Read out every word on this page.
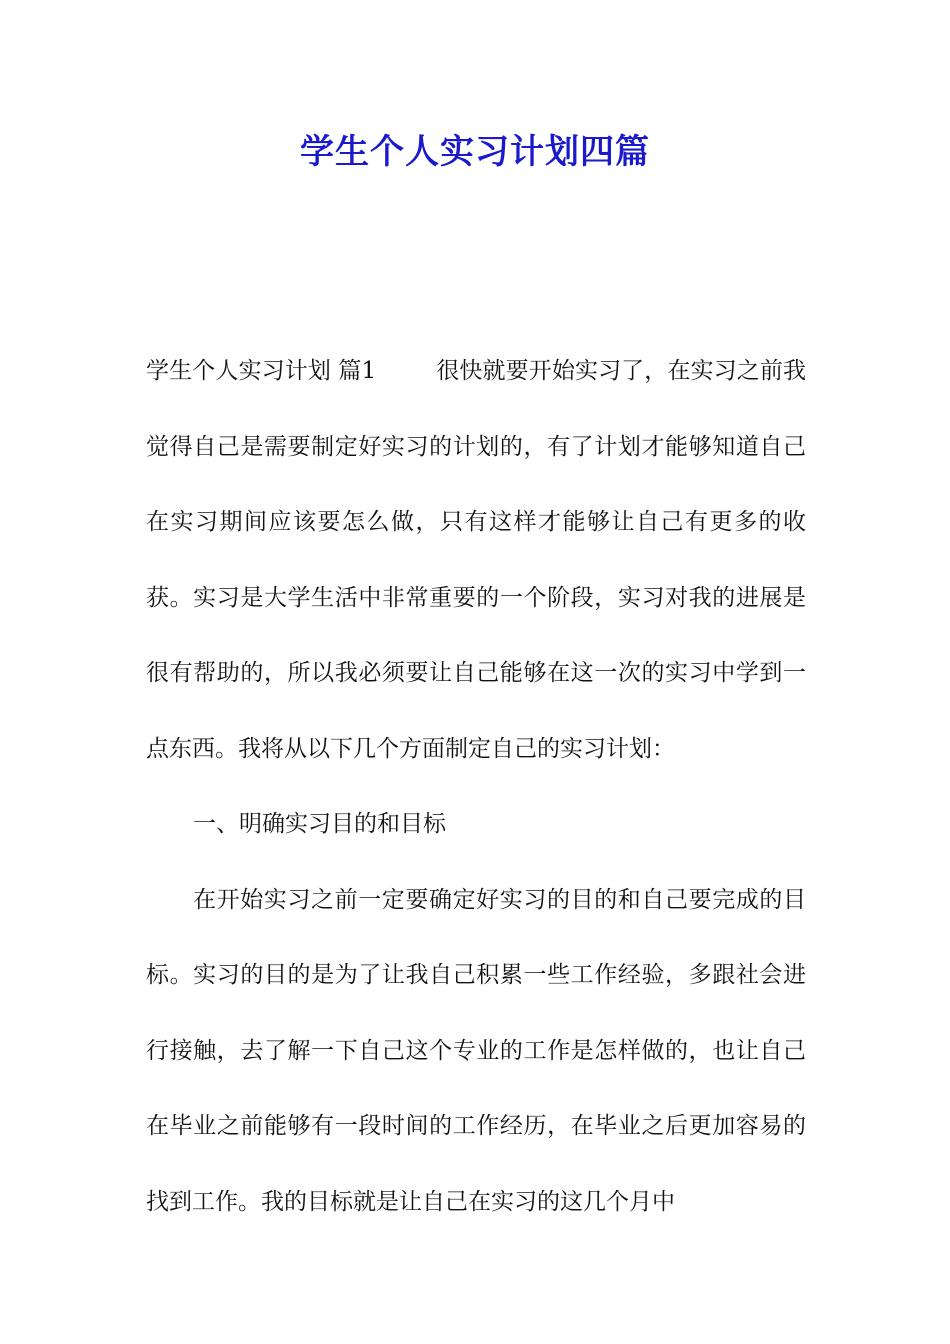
学生个人实习计划四篇

学生个人实习计划 篇1	很快就要开始实习了，在实习之前我觉得自己是需要制定好实习的计划的，有了计划才能够知道自己在实习期间应该要怎么做，只有这样才能够让自己有更多的收获。实习是大学生活中非常重要的一个阶段，实习对我的进展是很有帮助的，所以我必须要让自己能够在这一次的实习中学到一点东西。我将从以下几个方面制定自己的实习计划：

一、明确实习目的和目标

在开始实习之前一定要确定好实习的目的和自己要完成的目标。实习的目的是为了让我自己积累一些工作经验，多跟社会进行接触，去了解一下自己这个专业的工作是怎样做的，也让自己在毕业之前能够有一段时间的工作经历，在毕业之后更加容易的找到工作。我的目标就是让自己在实习的这几个月中
